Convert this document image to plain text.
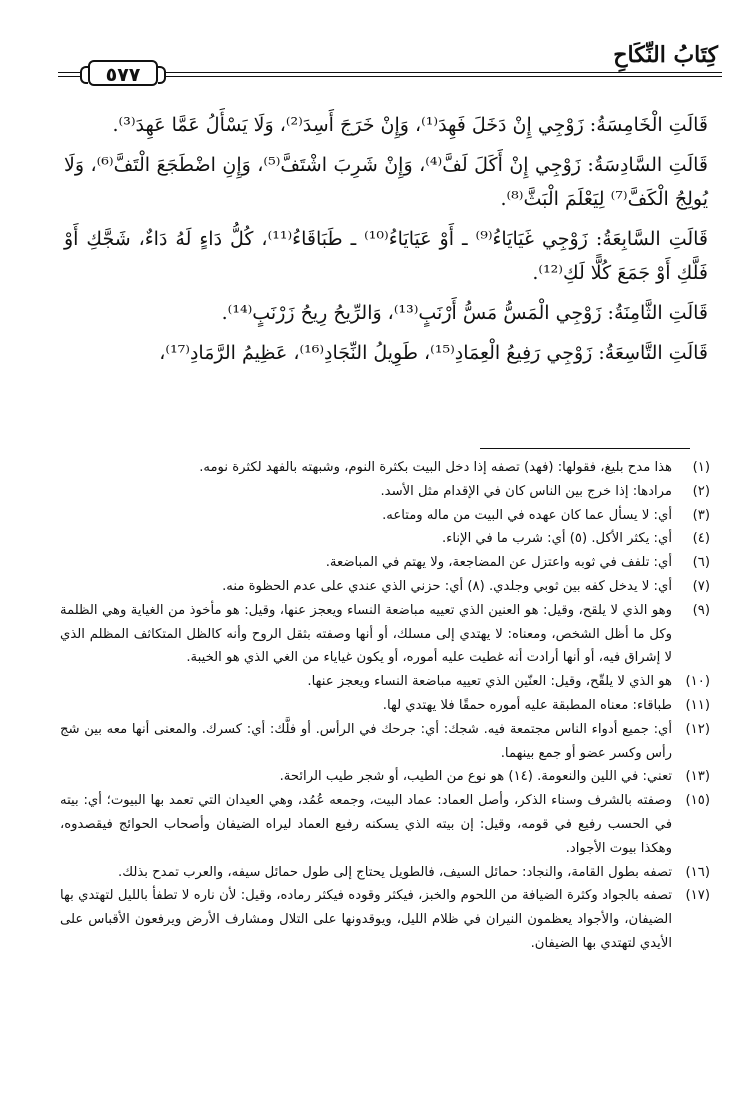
كِتَابُ النِّكَاحِ
٥٧٧

قَالَتِ الْخَامِسَةُ: زَوْجِي إِنْ دَخَلَ فَهِدَ⁽¹⁾، وَإِنْ خَرَجَ أَسِدَ⁽²⁾، وَلَا يَسْأَلُ عَمَّا عَهِدَ⁽³⁾.

قَالَتِ السَّادِسَةُ: زَوْجِي إِنْ أَكَلَ لَفَّ⁽⁴⁾، وَإِنْ شَرِبَ اشْتَفَّ⁽⁵⁾، وَإِنِ اضْطَجَعَ الْتَفَّ⁽⁶⁾، وَلَا يُولِجُ الْكَفَّ⁽⁷⁾ لِيَعْلَمَ الْبَثَّ⁽⁸⁾.

قَالَتِ السَّابِعَةُ: زَوْجِي غَيَايَاءُ⁽⁹⁾ ـ أَوْ عَيَايَاءُ⁽¹⁰⁾ ـ طَبَاقَاءُ⁽¹¹⁾، كُلُّ دَاءٍ لَهُ دَاءٌ، شَجَّكِ أَوْ فَلَّكِ أَوْ جَمَعَ كُلًّا لَكِ⁽¹²⁾.

قَالَتِ الثَّامِنَةُ: زَوْجِي الْمَسُّ مَسُّ أَرْنَبٍ⁽¹³⁾، وَالرِّيحُ رِيحُ زَرْنَبٍ⁽¹⁴⁾.

قَالَتِ التَّاسِعَةُ: زَوْجِي رَفِيعُ الْعِمَادِ⁽¹⁵⁾، طَوِيلُ النِّجَادِ⁽¹⁶⁾، عَظِيمُ الرَّمَادِ⁽¹⁷⁾،

(١)
هذا مدح بليغ، فقولها: (فهد) تصفه إذا دخل البيت بكثرة النوم، وشبهته بالفهد لكثرة نومه.
(٢)
مرادها: إذا خرج بين الناس كان في الإقدام مثل الأسد.
(٣)
أي: لا يسأل عما كان عهده في البيت من ماله ومتاعه.
(٤)
أي: يكثر الأكل. (٥) أي: شرب ما في الإناء.
(٦)
أي: تلفف في ثوبه واعتزل عن المضاجعة، ولا يهتم في المباضعة.
(٧)
أي: لا يدخل كفه بين ثوبي وجلدي. (٨) أي: حزني الذي عندي على عدم الحظوة منه.
(٩)
وهو الذي لا يلقح، وقيل: هو العنين الذي تعييه مباضعة النساء ويعجز عنها، وقيل: هو مأخوذ من الغياية وهي الظلمة وكل ما أظل الشخص، ومعناه: لا يهتدي إلى مسلك، أو أنها وصفته بثقل الروح وأنه كالظل المتكاثف المظلم الذي لا إشراق فيه، أو أنها أرادت أنه غطيت عليه أموره، أو يكون غياياء من الغي الذي هو الخيبة.
(١٠)
هو الذي لا يلقّح، وقيل: العنّين الذي تعييه مباضعة النساء ويعجز عنها.
(١١)
طباقاء: معناه المطبقة عليه أموره حمقًا فلا يهتدي لها.
(١٢)
أي: جميع أدواء الناس مجتمعة فيه. شجك: أي: جرحك في الرأس. أو فلَّك: أي: كسرك. والمعنى أنها معه بين شج رأس وكسر عضو أو جمع بينهما.
(١٣)
تعني: في اللين والنعومة. (١٤) هو نوع من الطيب، أو شجر طيب الرائحة.
(١٥)
وصفته بالشرف وسناء الذكر، وأصل العماد: عماد البيت، وجمعه عُمُد، وهي العيدان التي تعمد بها البيوت؛ أي: بيته في الحسب رفيع في قومه، وقيل: إن بيته الذي يسكنه رفيع العماد ليراه الضيفان وأصحاب الحوائج فيقصدوه، وهكذا بيوت الأجواد.
(١٦)
تصفه بطول القامة، والنجاد: حمائل السيف، فالطويل يحتاج إلى طول حمائل سيفه، والعرب تمدح بذلك.
(١٧)
تصفه بالجواد وكثرة الضيافة من اللحوم والخبز، فيكثر وقوده فيكثر رماده، وقيل: لأن ناره لا تطفأ بالليل لتهتدي بها الضيفان، والأجواد يعظمون النيران في ظلام الليل، ويوقدونها على التلال ومشارف الأرض ويرفعون الأقباس على الأيدي لتهتدي بها الضيفان.
